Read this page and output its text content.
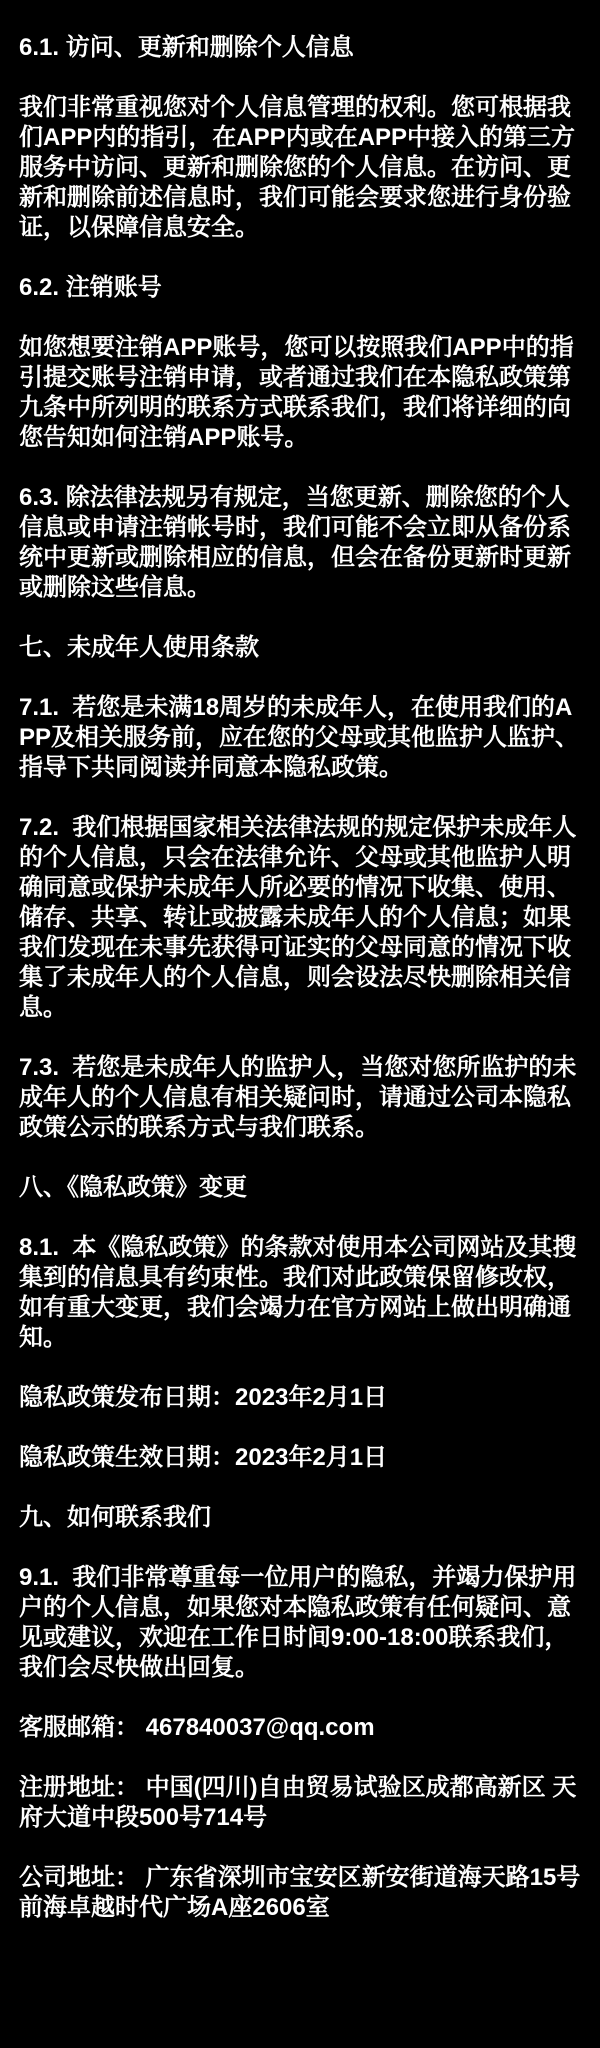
6.1. 访问、更新和删除个人信息

我们非常重视您对个人信息管理的权利。您可根据我们APP内的指引，在APP内或在APP中接入的第三方服务中访问、更新和删除您的个人信息。在访问、更新和删除前述信息时，我们可能会要求您进行身份验证，以保障信息安全。

6.2. 注销账号

如您想要注销APP账号，您可以按照我们APP中的指引提交账号注销申请，或者通过我们在本隐私政策第九条中所列明的联系方式联系我们，我们将详细的向您告知如何注销APP账号。

6.3. 除法律法规另有规定，当您更新、删除您的个人信息或申请注销帐号时，我们可能不会立即从备份系统中更新或删除相应的信息，但会在备份更新时更新或删除这些信息。

七、未成年人使用条款

7.1.  若您是未满18周岁的未成年人，在使用我们的APP及相关服务前，应在您的父母或其他监护人监护、指导下共同阅读并同意本隐私政策。

7.2.  我们根据国家相关法律法规的规定保护未成年人的个人信息，只会在法律允许、父母或其他监护人明确同意或保护未成年人所必要的情况下收集、使用、储存、共享、转让或披露未成年人的个人信息；如果我们发现在未事先获得可证实的父母同意的情况下收集了未成年人的个人信息，则会设法尽快删除相关信息。

7.3.  若您是未成年人的监护人，当您对您所监护的未成年人的个人信息有相关疑问时，请通过公司本隐私政策公示的联系方式与我们联系。

八、《隐私政策》变更

8.1.  本《隐私政策》的条款对使用本公司网站及其搜集到的信息具有约束性。我们对此政策保留修改权，如有重大变更，我们会竭力在官方网站上做出明确通知。

隐私政策发布日期：2023年2月1日

隐私政策生效日期：2023年2月1日

九、如何联系我们

9.1.  我们非常尊重每一位用户的隐私，并竭力保护用户的个人信息，如果您对本隐私政策有任何疑问、意见或建议，欢迎在工作日时间9:00-18:00联系我们，我们会尽快做出回复。

客服邮箱： 467840037@qq.com

注册地址： 中国(四川)自由贸易试验区成都高新区 天府大道中段500号714号

公司地址： 广东省深圳市宝安区新安街道海天路15号前海卓越时代广场A座2606室
